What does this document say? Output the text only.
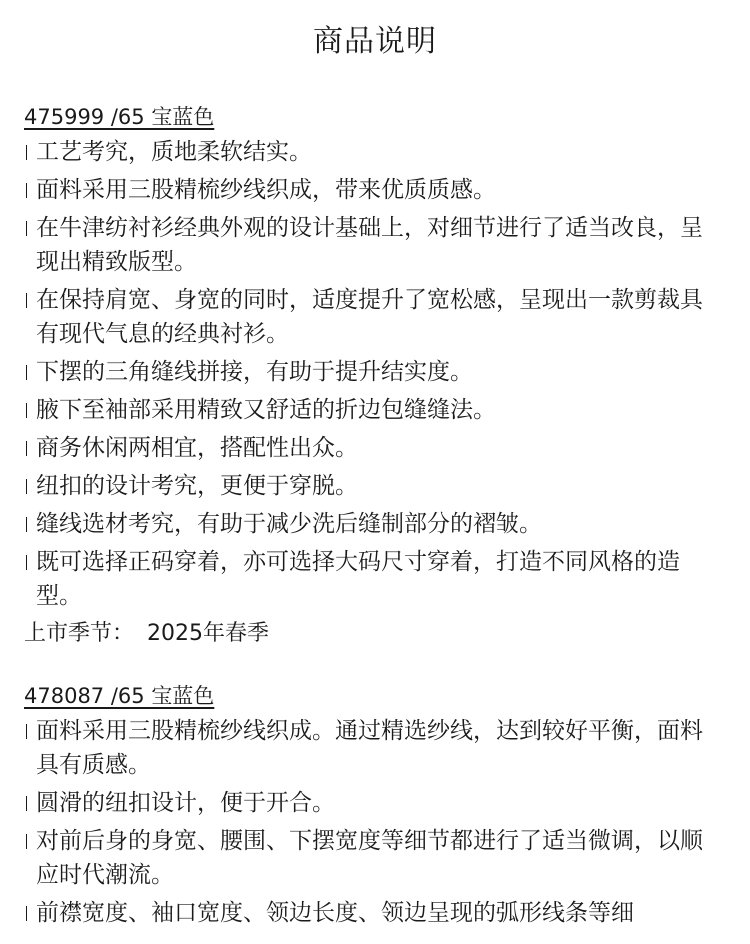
商品说明
475999 /65 宝蓝色
工艺考究，质地柔软结实。
面料采用三股精梳纱线织成，带来优质质感。
在牛津纺衬衫经典外观的设计基础上，对细节进行了适当改良，呈现出精致版型。
在保持肩宽、身宽的同时，适度提升了宽松感，呈现出一款剪裁具有现代气息的经典衬衫。
下摆的三角缝线拼接，有助于提升结实度。
腋下至袖部采用精致又舒适的折边包缝缝法。
商务休闲两相宜，搭配性出众。
纽扣的设计考究，更便于穿脱。
缝线选材考究，有助于减少洗后缝制部分的褶皱。
既可选择正码穿着，亦可选择大码尺寸穿着，打造不同风格的造型。
上市季节： 2025年春季
478087 /65 宝蓝色
面料采用三股精梳纱线织成。通过精选纱线，达到较好平衡，面料具有质感。
圆滑的纽扣设计，便于开合。
对前后身的身宽、腰围、下摆宽度等细节都进行了适当微调，以顺应时代潮流。
前襟宽度、袖口宽度、领边长度、领边呈现的弧形线条等细
